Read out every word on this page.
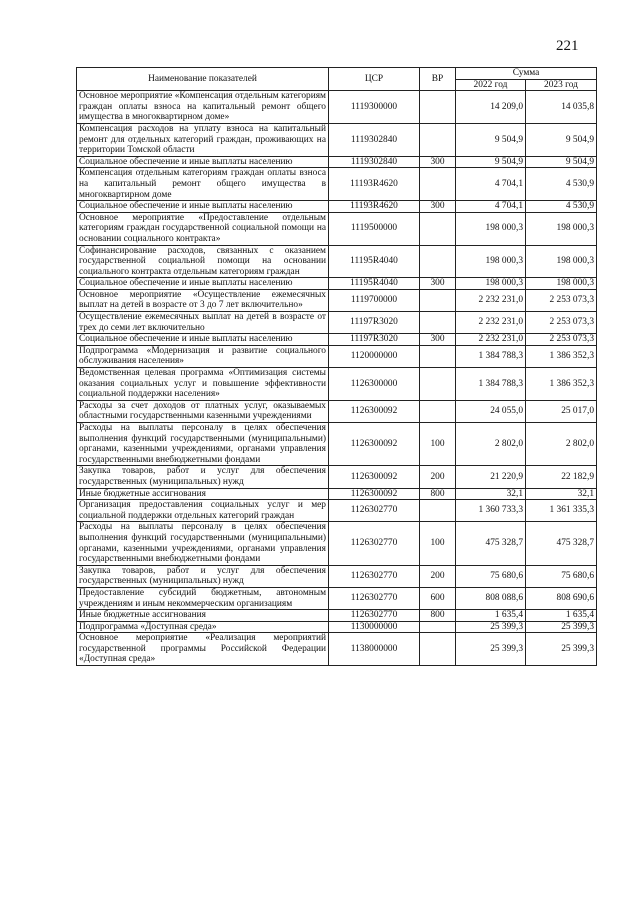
221
Наименование показателей	ЦСР	ВР	Сумма	
			2022 год	2023 год
Основное мероприятие «Компенсация отдельным категориям граждан оплаты взноса на капитальный ремонт общего имущества в многоквартирном доме»	1119300000		14 209,0	14 035,8
Компенсация расходов на уплату взноса на капитальный ремонт для отдельных категорий граждан, проживающих на территории Томской области	1119302840		9 504,9	9 504,9
Социальное обеспечение и иные выплаты населению	1119302840	300	9 504,9	9 504,9
Компенсация отдельным категориям граждан оплаты взноса на капитальный ремонт общего имущества в многоквартирном доме	11193R4620		4 704,1	4 530,9
Социальное обеспечение и иные выплаты населению	11193R4620	300	4 704,1	4 530,9
Основное мероприятие «Предоставление отдельным категориям граждан государственной социальной помощи на основании социального контракта»	1119500000		198 000,3	198 000,3
Софинансирование расходов, связанных с оказанием государственной социальной помощи на основании социального контракта отдельным категориям граждан	11195R4040		198 000,3	198 000,3
Социальное обеспечение и иные выплаты населению	11195R4040	300	198 000,3	198 000,3
Основное мероприятие «Осуществление ежемесячных выплат на детей в возрасте от 3 до 7 лет включительно»	1119700000		2 232 231,0	2 253 073,3
Осуществление ежемесячных выплат на детей в возрасте от трех до семи лет включительно	11197R3020		2 232 231,0	2 253 073,3
Социальное обеспечение и иные выплаты населению	11197R3020	300	2 232 231,0	2 253 073,3
Подпрограмма «Модернизация и развитие социального обслуживания населения»	1120000000		1 384 788,3	1 386 352,3
Ведомственная целевая программа «Оптимизация системы оказания социальных услуг и повышение эффективности социальной поддержки населения»	1126300000		1 384 788,3	1 386 352,3
Расходы за счет доходов от платных услуг, оказываемых областными государственными казенными учреждениями	1126300092		24 055,0	25 017,0
Расходы на выплаты персоналу в целях обеспечения выполнения функций государственными (муниципальными) органами, казенными учреждениями, органами управления государственными внебюджетными фондами	1126300092	100	2 802,0	2 802,0
Закупка товаров, работ и услуг для обеспечения государственных (муниципальных) нужд	1126300092	200	21 220,9	22 182,9
Иные бюджетные ассигнования	1126300092	800	32,1	32,1
Организация предоставления социальных услуг и мер социальной поддержки отдельных категорий граждан	1126302770		1 360 733,3	1 361 335,3
Расходы на выплаты персоналу в целях обеспечения выполнения функций государственными (муниципальными) органами, казенными учреждениями, органами управления государственными внебюджетными фондами	1126302770	100	475 328,7	475 328,7
Закупка товаров, работ и услуг для обеспечения государственных (муниципальных) нужд	1126302770	200	75 680,6	75 680,6
Предоставление субсидий бюджетным, автономным учреждениям и иным некоммерческим организациям	1126302770	600	808 088,6	808 690,6
Иные бюджетные ассигнования	1126302770	800	1 635,4	1 635,4
Подпрограмма «Доступная среда»	1130000000		25 399,3	25 399,3
Основное мероприятие «Реализация мероприятий государственной программы Российской Федерации «Доступная среда»	1138000000		25 399,3	25 399,3
